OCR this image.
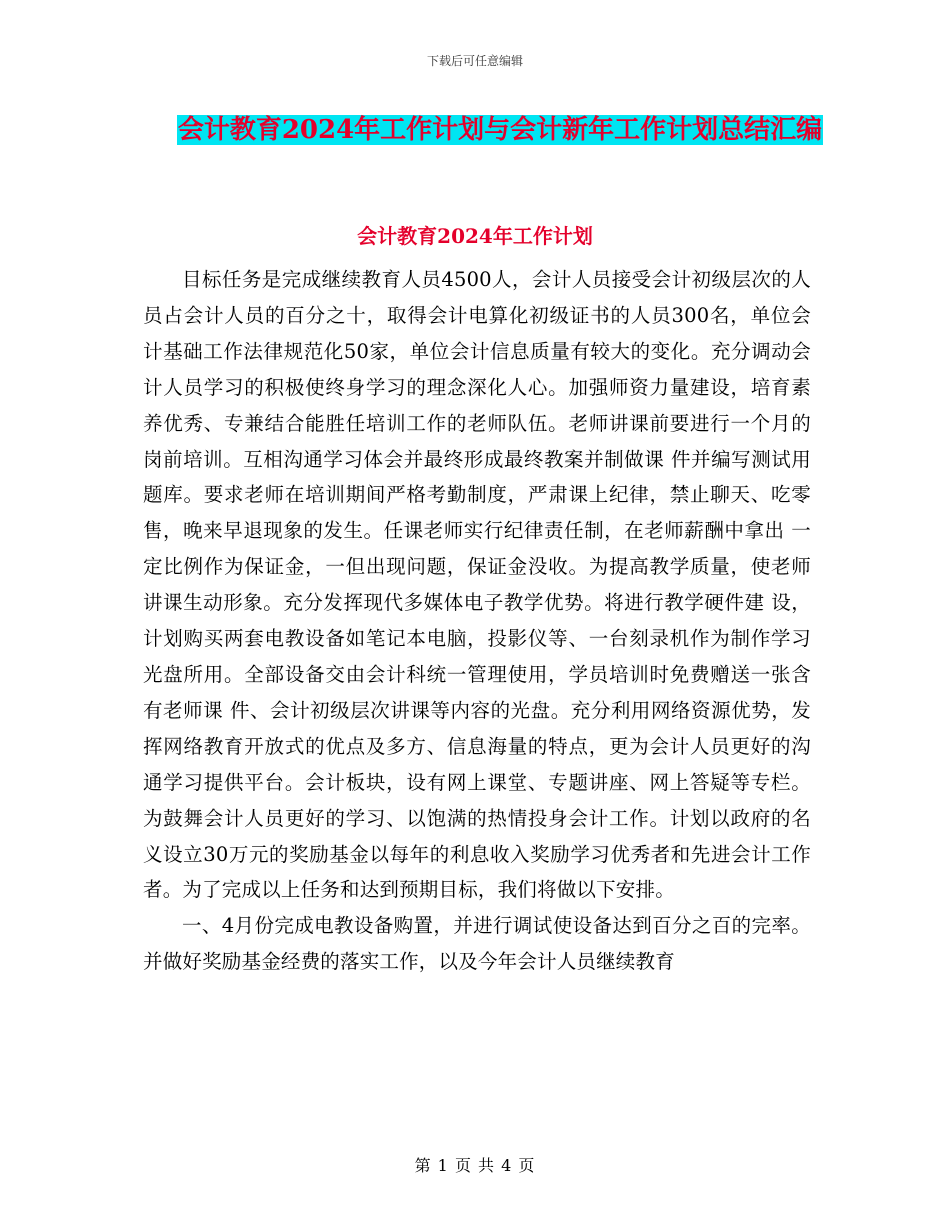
下载后可任意编辑
会计教育2024年工作计划与会计新年工作计划总结汇编
会计教育2024年工作计划

目标任务是完成继续教育人员4500人，会计人员接受会计初级层次的人员占会计人员的百分之十，取得会计电算化初级证书的人员300名，单位会计基础工作法律规范化50家，单位会计信息质量有较大的变化。充分调动会计人员学习的积极使终身学习的理念深化人心。加强师资力量建设，培育素养优秀、专兼结合能胜任培训工作的老师队伍。老师讲课前要进行一个月的岗前培训。互相沟通学习体会并最终形成最终教案并制做课 件并编写测试用题库。要求老师在培训期间严格考勤制度，严肃课上纪律，禁止聊天、吃零售，晚来早退现象的发生。任课老师实行纪律责任制，在老师薪酬中拿出 一定比例作为保证金，一但出现问题，保证金没收。为提高教学质量，使老师讲课生动形象。充分发挥现代多媒体电子教学优势。将进行教学硬件建 设，计划购买两套电教设备如笔记本电脑，投影仪等、一台刻录机作为制作学习光盘所用。全部设备交由会计科统一管理使用，学员培训时免费赠送一张含有老师课 件、会计初级层次讲课等内容的光盘。充分利用网络资源优势，发挥网络教育开放式的优点及多方、信息海量的特点，更为会计人员更好的沟通学习提供平台。会计板块，设有网上课堂、专题讲座、网上答疑等专栏。为鼓舞会计人员更好的学习、以饱满的热情投身会计工作。计划以政府的名义设立30万元的奖励基金以每年的利息收入奖励学习优秀者和先进会计工作者。为了完成以上任务和达到预期目标，我们将做以下安排。

一、4月份完成电教设备购置，并进行调试使设备达到百分之百的完率。并做好奖励基金经费的落实工作，以及今年会计人员继续教育

第 1 页 共 4 页
